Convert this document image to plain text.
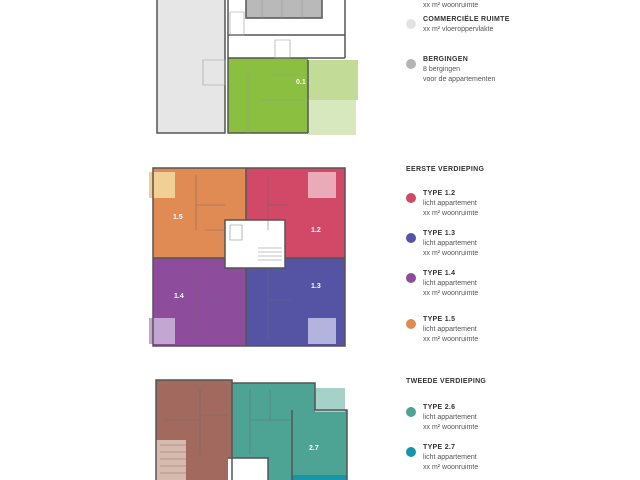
0.1
1.5
1.2
1.4
1.3
2.7
xx m² woonruimte
COMMERCIËLE RUIMTE
xx m² vloeroppervlakte
BERGINGEN
8 bergingen
voor de appartementen
EERSTE VERDIEPING
TYPE 1.2
licht appartement
xx m² woonruimte
TYPE 1.3
licht appartement
xx m² woonruimte
TYPE 1.4
licht appartement
xx m² woonruimte
TYPE 1.5
licht appartement
xx m² woonruimte
TWEEDE VERDIEPING
TYPE 2.6
licht appartement
xx m² woonruimte
TYPE 2.7
licht appartement
xx m² woonruimte
